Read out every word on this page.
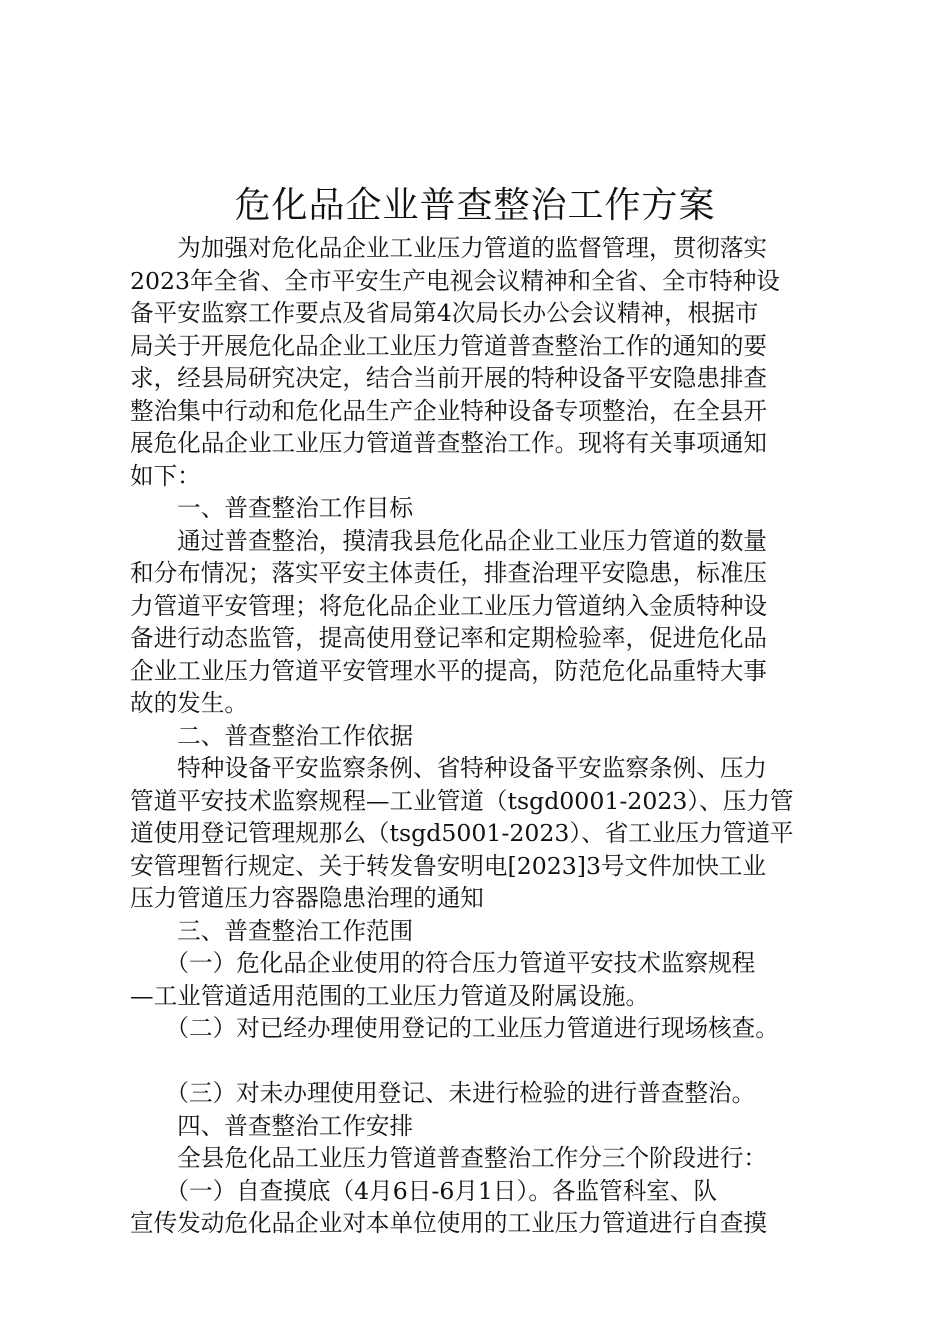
危化品企业普查整治工作方案
　　为加强对危化品企业工业压力管道的监督管理，贯彻落实
2023年全省、全市平安生产电视会议精神和全省、全市特种设
备平安监察工作要点及省局第4次局长办公会议精神，根据市
局关于开展危化品企业工业压力管道普查整治工作的通知的要
求，经县局研究决定，结合当前开展的特种设备平安隐患排查
整治集中行动和危化品生产企业特种设备专项整治，在全县开
展危化品企业工业压力管道普查整治工作。现将有关事项通知
如下：
　　一、普查整治工作目标
　　通过普查整治，摸清我县危化品企业工业压力管道的数量
和分布情况；落实平安主体责任，排查治理平安隐患，标准压
力管道平安管理；将危化品企业工业压力管道纳入金质特种设
备进行动态监管，提高使用登记率和定期检验率，促进危化品
企业工业压力管道平安管理水平的提高，防范危化品重特大事
故的发生。
　　二、普查整治工作依据
　　特种设备平安监察条例、省特种设备平安监察条例、压力
管道平安技术监察规程—工业管道（tsgd0001-2023）、压力管
道使用登记管理规那么（tsgd5001-2023）、省工业压力管道平
安管理暂行规定、关于转发鲁安明电[2023]3号文件加快工业
压力管道压力容器隐患治理的通知
　　三、普查整治工作范围
　　（一）危化品企业使用的符合压力管道平安技术监察规程
—工业管道适用范围的工业压力管道及附属设施。
　　（二）对已经办理使用登记的工业压力管道进行现场核查。
　　（三）对未办理使用登记、未进行检验的进行普查整治。
　　四、普查整治工作安排
　　全县危化品工业压力管道普查整治工作分三个阶段进行：
　　（一）自查摸底（4月6日-6月1日）。各监管科室、队
宣传发动危化品企业对本单位使用的工业压力管道进行自查摸
